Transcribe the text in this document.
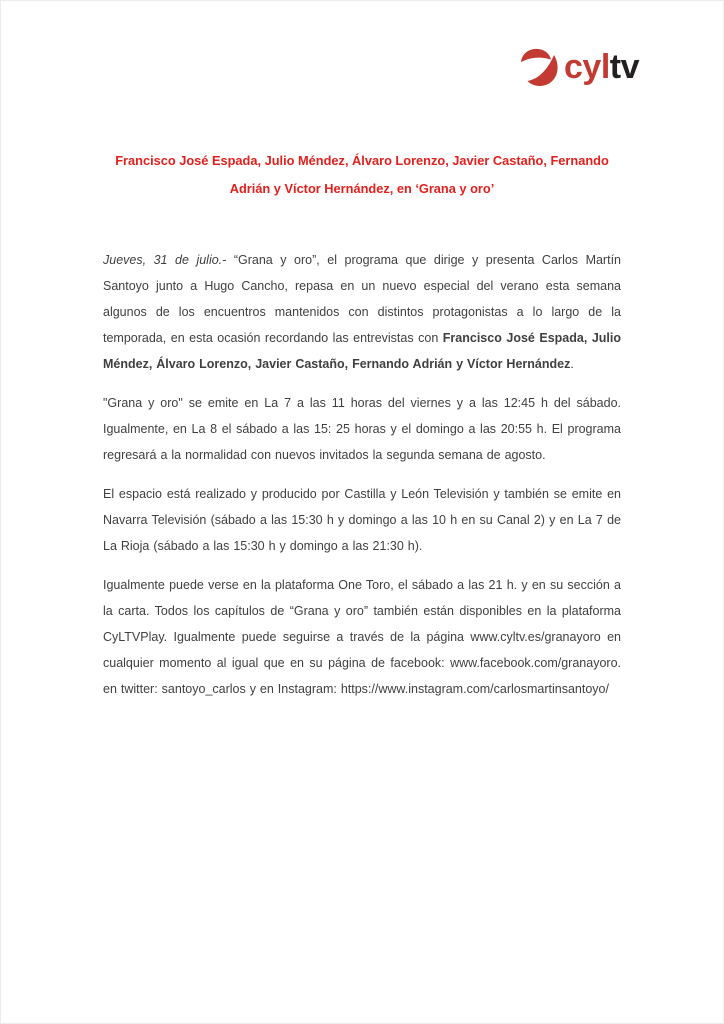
cyl tv
Francisco José Espada, Julio Méndez, Álvaro Lorenzo, Javier Castaño, Fernando Adrián y Víctor Hernández, en ‘Grana y oro’

Jueves, 31 de julio.- “Grana y oro”, el programa que dirige y presenta Carlos Martín Santoyo junto a Hugo Cancho, repasa en un nuevo especial del verano esta semana algunos de los encuentros mantenidos con distintos protagonistas a lo largo de la temporada, en esta ocasión recordando las entrevistas con Francisco José Espada, Julio Méndez, Álvaro Lorenzo, Javier Castaño, Fernando Adrián y Víctor Hernández.

"Grana y oro" se emite en La 7 a las 11 horas del viernes y a las 12:45 h del sábado. Igualmente, en La 8 el sábado a las 15: 25 horas y el domingo a las 20:55 h. El programa regresará a la normalidad con nuevos invitados la segunda semana de agosto.

El espacio está realizado y producido por Castilla y León Televisión y también se emite en Navarra Televisión (sábado a las 15:30 h y domingo a las 10 h en su Canal 2) y en La 7 de La Rioja (sábado a las 15:30 h y domingo a las 21:30 h).

Igualmente puede verse en la plataforma One Toro, el sábado a las 21 h. y en su sección a la carta. Todos los capítulos de “Grana y oro” también están disponibles en la plataforma CyLTVPlay. Igualmente puede seguirse a través de la página www.cyltv.es/granayoro en cualquier momento al igual que en su página de facebook: www.facebook.com/granayoro. en twitter: santoyo_carlos y en Instagram: https://www.instagram.com/carlosmartinsantoyo/
